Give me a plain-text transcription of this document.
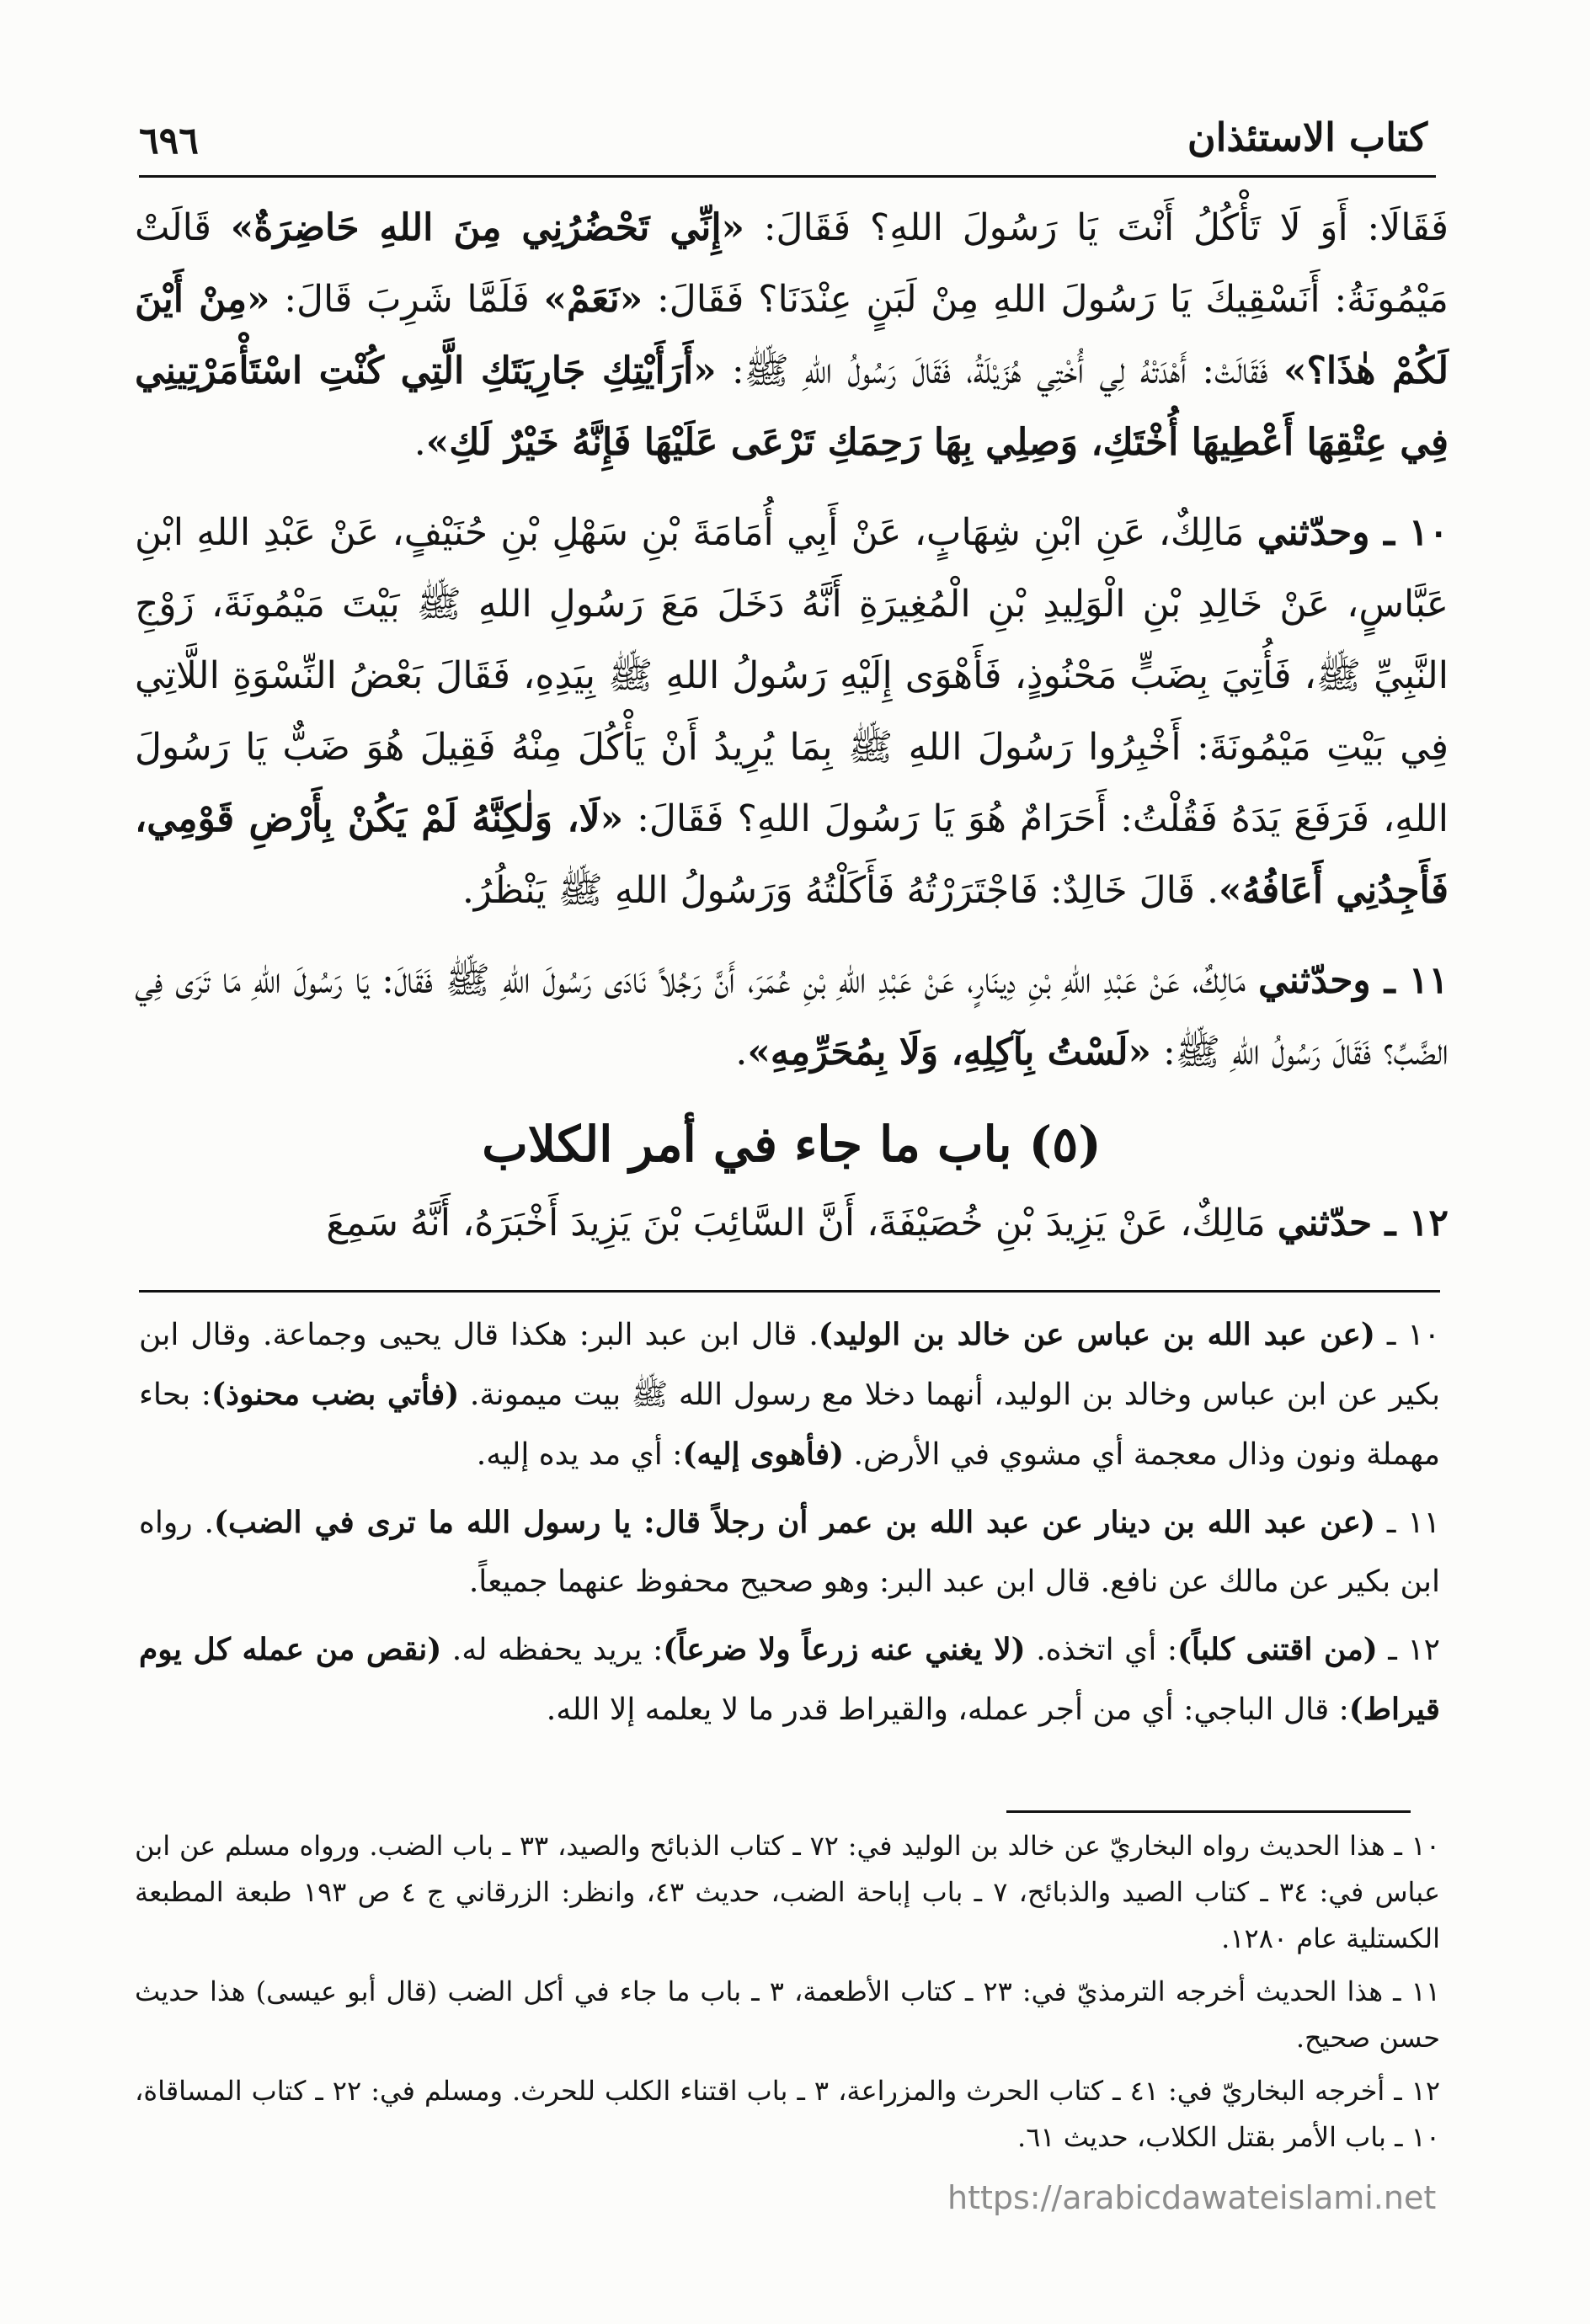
كتاب الاستئذان
٦٩٦

فَقَالَا: أَوَ لَا تَأْكُلُ أَنْتَ يَا رَسُولَ اللهِ؟ فَقَالَ: «إِنِّي تَحْضُرُنِي مِنَ اللهِ حَاضِرَةٌ» قَالَتْ مَيْمُونَةُ: أَنَسْقِيكَ يَا رَسُولَ اللهِ مِنْ لَبَنٍ عِنْدَنَا؟ فَقَالَ: «نَعَمْ» فَلَمَّا شَرِبَ قَالَ: «مِنْ أَيْنَ لَكُمْ هٰذَا؟» فَقَالَتْ: أَهْدَتْهُ لِي أُخْتِي هُزَيْلَةُ، فَقَالَ رَسُولُ اللهِ ﷺ: «أَرَأَيْتِكِ جَارِيَتَكِ الَّتِي كُنْتِ اسْتَأْمَرْتِينِي فِي عِتْقِهَا أَعْطِيهَا أُخْتَكِ، وَصِلِي بِهَا رَحِمَكِ تَرْعَى عَلَيْهَا فَإِنَّهُ خَيْرٌ لَكِ».

١٠ ـ وحدّثني مَالِكٌ، عَنِ ابْنِ شِهَابٍ، عَنْ أَبِي أُمَامَةَ بْنِ سَهْلِ بْنِ حُنَيْفٍ، عَنْ عَبْدِ اللهِ ابْنِ عَبَّاسٍ، عَنْ خَالِدِ بْنِ الْوَلِيدِ بْنِ الْمُغِيرَةِ أَنَّهُ دَخَلَ مَعَ رَسُولِ اللهِ ﷺ بَيْتَ مَيْمُونَةَ، زَوْجِ النَّبِيِّ ﷺ، فَأُتِيَ بِضَبٍّ مَحْنُوذٍ، فَأَهْوَى إِلَيْهِ رَسُولُ اللهِ ﷺ بِيَدِهِ، فَقَالَ بَعْضُ النِّسْوَةِ اللَّاتِي فِي بَيْتِ مَيْمُونَةَ: أَخْبِرُوا رَسُولَ اللهِ ﷺ بِمَا يُرِيدُ أَنْ يَأْكُلَ مِنْهُ فَقِيلَ هُوَ ضَبٌّ يَا رَسُولَ اللهِ، فَرَفَعَ يَدَهُ فَقُلْتُ: أَحَرَامٌ هُوَ يَا رَسُولَ اللهِ؟ فَقَالَ: «لَا، وَلٰكِنَّهُ لَمْ يَكُنْ بِأَرْضِ قَوْمِي، فَأَجِدُنِي أَعَافُهُ». قَالَ خَالِدٌ: فَاجْتَرَرْتُهُ فَأَكَلْتُهُ وَرَسُولُ اللهِ ﷺ يَنْظُرُ.

١١ ـ وحدّثني مَالِكٌ، عَنْ عَبْدِ اللهِ بْنِ دِينَارٍ، عَنْ عَبْدِ اللهِ بْنِ عُمَرَ، أَنَّ رَجُلاً نَادَى رَسُولَ اللهِ ﷺ فَقَالَ: يَا رَسُولَ اللهِ مَا تَرَى فِي الضَّبِّ؟ فَقَالَ رَسُولُ اللهِ ﷺ: «لَسْتُ بِآكِلِهِ، وَلَا بِمُحَرِّمِهِ».

(٥) باب ما جاء في أمر الكلاب

١٢ ـ حدّثني مَالِكٌ، عَنْ يَزِيدَ بْنِ خُصَيْفَةَ، أَنَّ السَّائِبَ بْنَ يَزِيدَ أَخْبَرَهُ، أَنَّهُ سَمِعَ

١٠ ـ (عن عبد الله بن عباس عن خالد بن الوليد). قال ابن عبد البر: هكذا قال يحيى وجماعة. وقال ابن بكير عن ابن عباس وخالد بن الوليد، أنهما دخلا مع رسول الله ﷺ بيت ميمونة. (فأتي بضب محنوذ): بحاء مهملة ونون وذال معجمة أي مشوي في الأرض. (فأهوى إليه): أي مد يده إليه.

١١ ـ (عن عبد الله بن دينار عن عبد الله بن عمر أن رجلاً قال: يا رسول الله ما ترى في الضب). رواه ابن بكير عن مالك عن نافع. قال ابن عبد البر: وهو صحيح محفوظ عنهما جميعاً.

١٢ ـ (من اقتنى كلباً): أي اتخذه. (لا يغني عنه زرعاً ولا ضرعاً): يريد يحفظه له. (نقص من عمله كل يوم قيراط): قال الباجي: أي من أجر عمله، والقيراط قدر ما لا يعلمه إلا الله.

١٠ ـ هذا الحديث رواه البخاريّ عن خالد بن الوليد في: ٧٢ ـ كتاب الذبائح والصيد، ٣٣ ـ باب الضب. ورواه مسلم عن ابن عباس في: ٣٤ ـ كتاب الصيد والذبائح، ٧ ـ باب إباحة الضب، حديث ٤٣، وانظر: الزرقاني ج ٤ ص ١٩٣ طبعة المطبعة الكستلية عام ١٢٨٠.

١١ ـ هذا الحديث أخرجه الترمذيّ في: ٢٣ ـ كتاب الأطعمة، ٣ ـ باب ما جاء في أكل الضب (قال أبو عيسى) هذا حديث حسن صحيح.

١٢ ـ أخرجه البخاريّ في: ٤١ ـ كتاب الحرث والمزراعة، ٣ ـ باب اقتناء الكلب للحرث. ومسلم في: ٢٢ ـ كتاب المساقاة، ١٠ ـ باب الأمر بقتل الكلاب، حديث ٦١.

https://arabicdawateislami.net
